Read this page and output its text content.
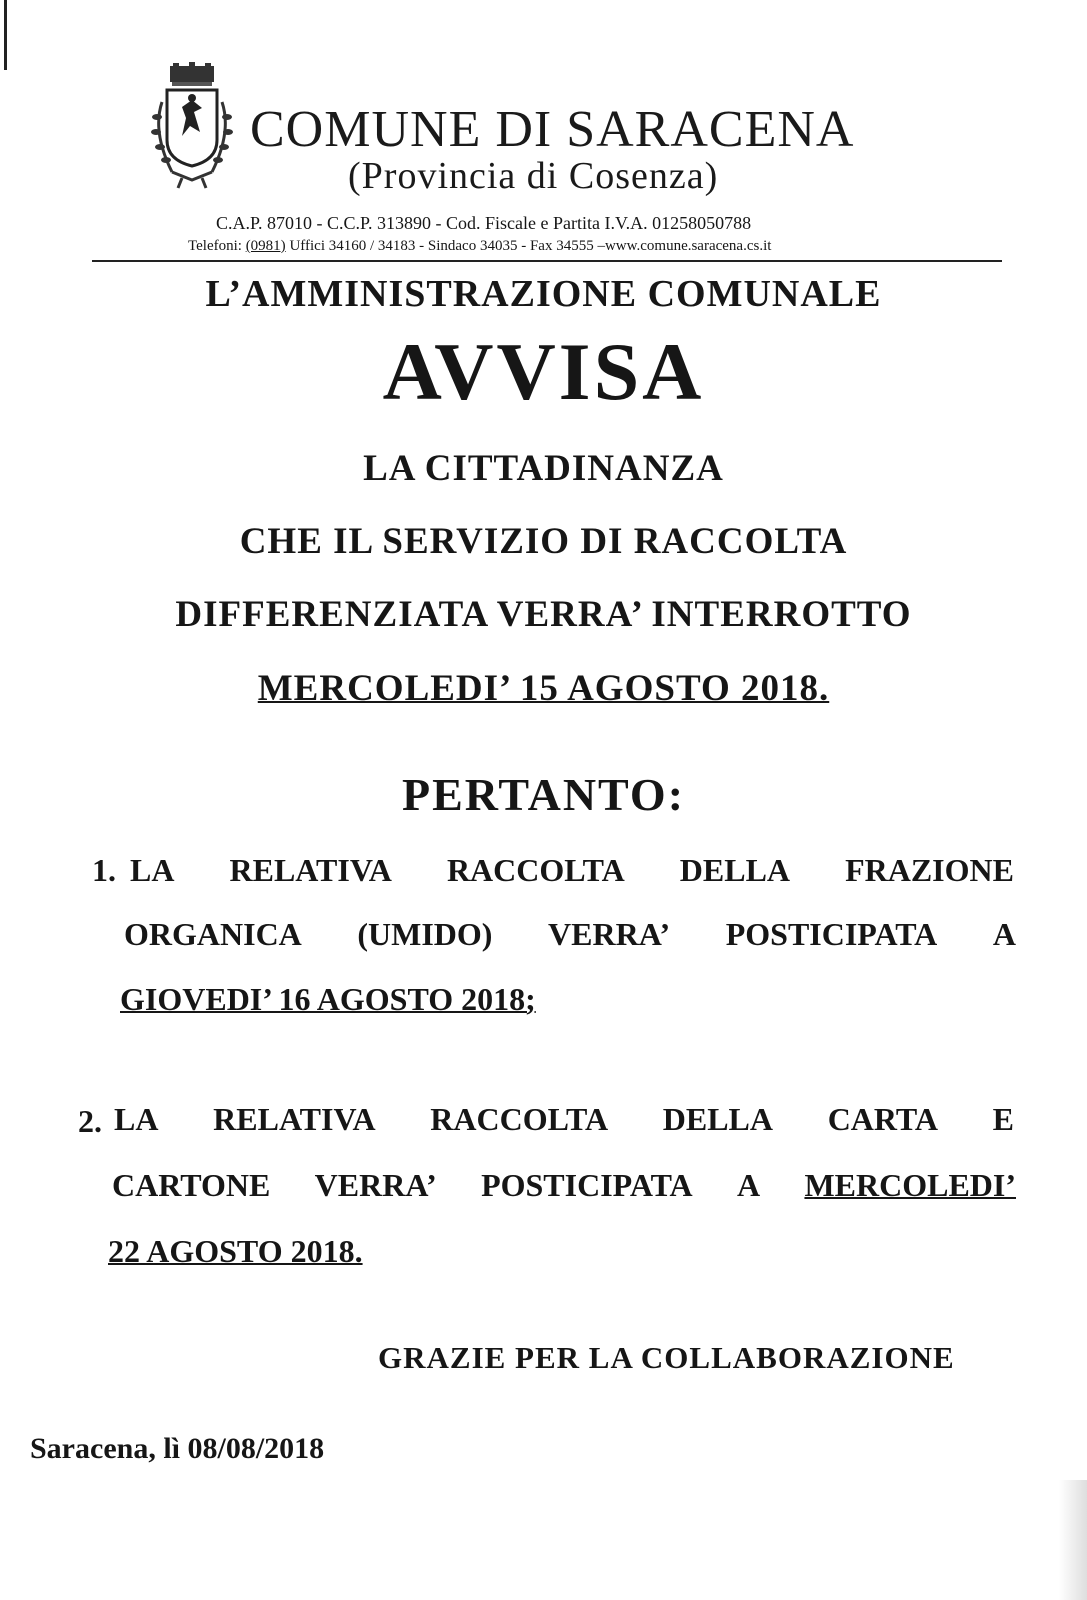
COMUNE DI SARACENA
(Provincia di Cosenza)
C.A.P. 87010 - C.C.P. 313890 - Cod. Fiscale e Partita I.V.A. 01258050788
Telefoni: (0981) Uffici 34160 / 34183 - Sindaco 34035 - Fax 34555 –www.comune.saracena.cs.it
L’AMMINISTRAZIONE COMUNALE
AVVISA
LA CITTADINANZA
CHE IL SERVIZIO DI RACCOLTA
DIFFERENZIATA VERRA’ INTERROTTO
MERCOLEDI’ 15 AGOSTO 2018.
PERTANTO:
1. LA RELATIVA RACCOLTA DELLA FRAZIONE
ORGANICA (UMIDO) VERRA’ POSTICIPATA A
GIOVEDI’ 16 AGOSTO 2018;
2. LA RELATIVA RACCOLTA DELLA CARTA E
CARTONE VERRA’ POSTICIPATA A MERCOLEDI’
22 AGOSTO 2018.
GRAZIE PER LA COLLABORAZIONE
Saracena, lì 08/08/2018
